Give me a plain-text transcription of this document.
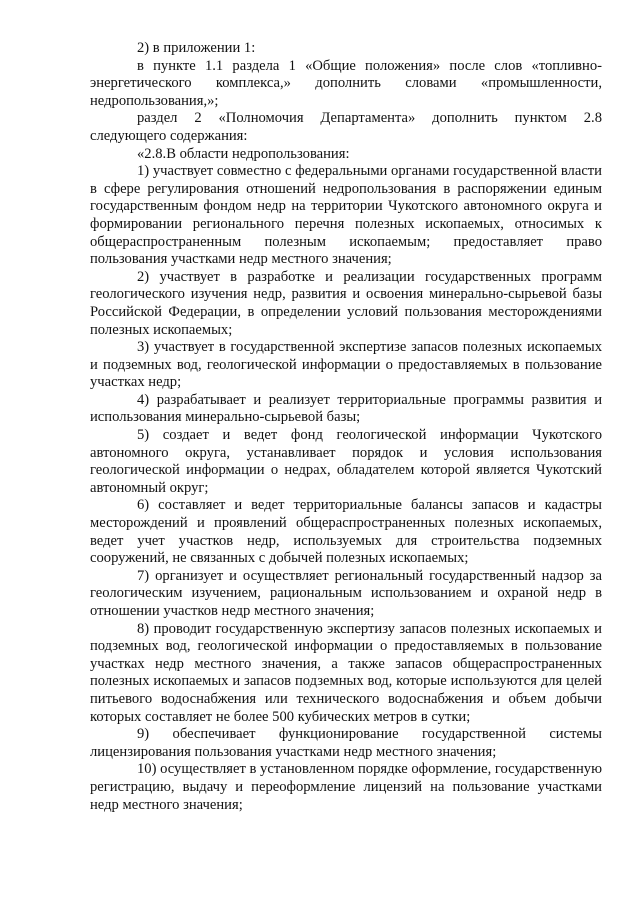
2) в приложении 1:

в пункте 1.1 раздела 1 «Общие положения» после слов «топливно-энергетического комплекса,» дополнить словами «промышленности, недропользования,»;

раздел 2 «Полномочия Департамента» дополнить пунктом 2.8 следующего содержания:

«2.8.В области недропользования:

1) участвует совместно с федеральными органами государственной власти в сфере регулирования отношений недропользования в распоряжении единым государственным фондом недр на территории Чукотского автономного округа и формировании регионального перечня полезных ископаемых, относимых к общераспространенным полезным ископаемым; предоставляет право пользования участками недр местного значения;

2) участвует в разработке и реализации государственных программ геологического изучения недр, развития и освоения минерально-сырьевой базы Российской Федерации, в определении условий пользования месторождениями полезных ископаемых;

3) участвует в государственной экспертизе запасов полезных ископаемых и подземных вод, геологической информации о предоставляемых в пользование участках недр;

4) разрабатывает и реализует территориальные программы развития и использования минерально-сырьевой базы;

5) создает и ведет фонд геологической информации Чукотского автономного округа, устанавливает порядок и условия использования геологической информации о недрах, обладателем которой является Чукотский автономный округ;

6) составляет и ведет территориальные балансы запасов и кадастры месторождений и проявлений общераспространенных полезных ископаемых, ведет учет участков недр, используемых для строительства подземных сооружений, не связанных с добычей полезных ископаемых;

7) организует и осуществляет региональный государственный надзор за геологическим изучением, рациональным использованием и охраной недр в отношении участков недр местного значения;

8) проводит государственную экспертизу запасов полезных ископаемых и подземных вод, геологической информации о предоставляемых в пользование участках недр местного значения, а также запасов общераспространенных полезных ископаемых и запасов подземных вод, которые используются для целей питьевого водоснабжения или технического водоснабжения и объем добычи которых составляет не более 500 кубических метров в сутки;

9) обеспечивает функционирование государственной системы лицензирования пользования участками недр местного значения;

10) осуществляет в установленном порядке оформление, государственную регистрацию, выдачу и переоформление лицензий на пользование участками недр местного значения;
